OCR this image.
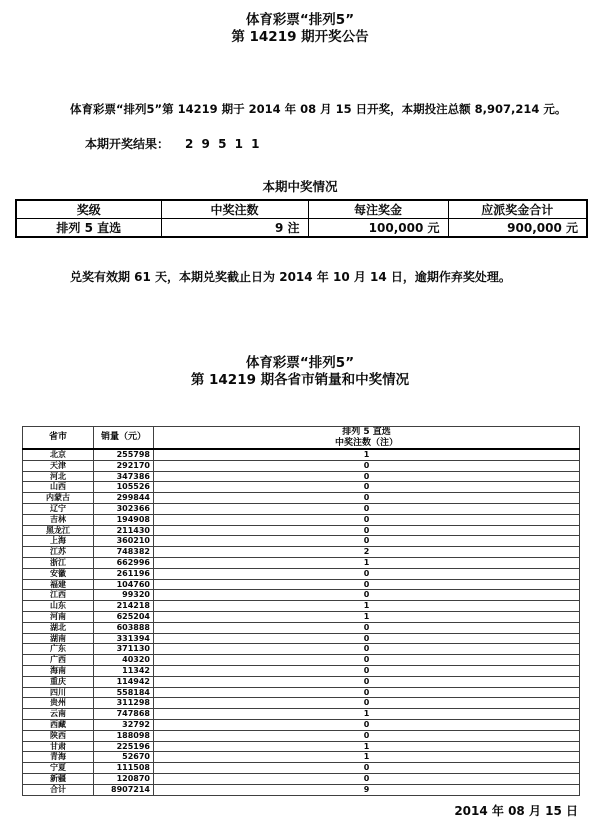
体育彩票“排列5”
第 14219 期开奖公告
体育彩票“排列5”第 14219 期于 2014 年 08 月 15 日开奖，本期投注总额 8,907,214 元。
本期开奖结果： 2 9 5 1 1
本期中奖情况
奖级	中奖注数	每注奖金	应派奖金合计
排列 5 直选	9 注	100,000 元	900,000 元
兑奖有效期 61 天，本期兑奖截止日为 2014 年 10 月 14 日，逾期作弃奖处理。
体育彩票“排列5”
第 14219 期各省市销量和中奖情况
省市	销量（元）	排列 5 直选
中奖注数（注）

北京	255798	1
天津	292170	0
河北	347386	0
山西	105526	0
内蒙古	299844	0
辽宁	302366	0
吉林	194908	0
黑龙江	211430	0
上海	360210	0
江苏	748382	2
浙江	662996	1
安徽	261196	0
福建	104760	0
江西	99320	0
山东	214218	1
河南	625204	1
湖北	603888	0
湖南	331394	0
广东	371130	0
广西	40320	0
海南	11342	0
重庆	114942	0
四川	558184	0
贵州	311298	0
云南	747868	1
西藏	32792	0
陕西	188098	0
甘肃	225196	1
青海	52670	1
宁夏	111508	0
新疆	120870	0
合计	8907214	9
2014 年 08 月 15 日
